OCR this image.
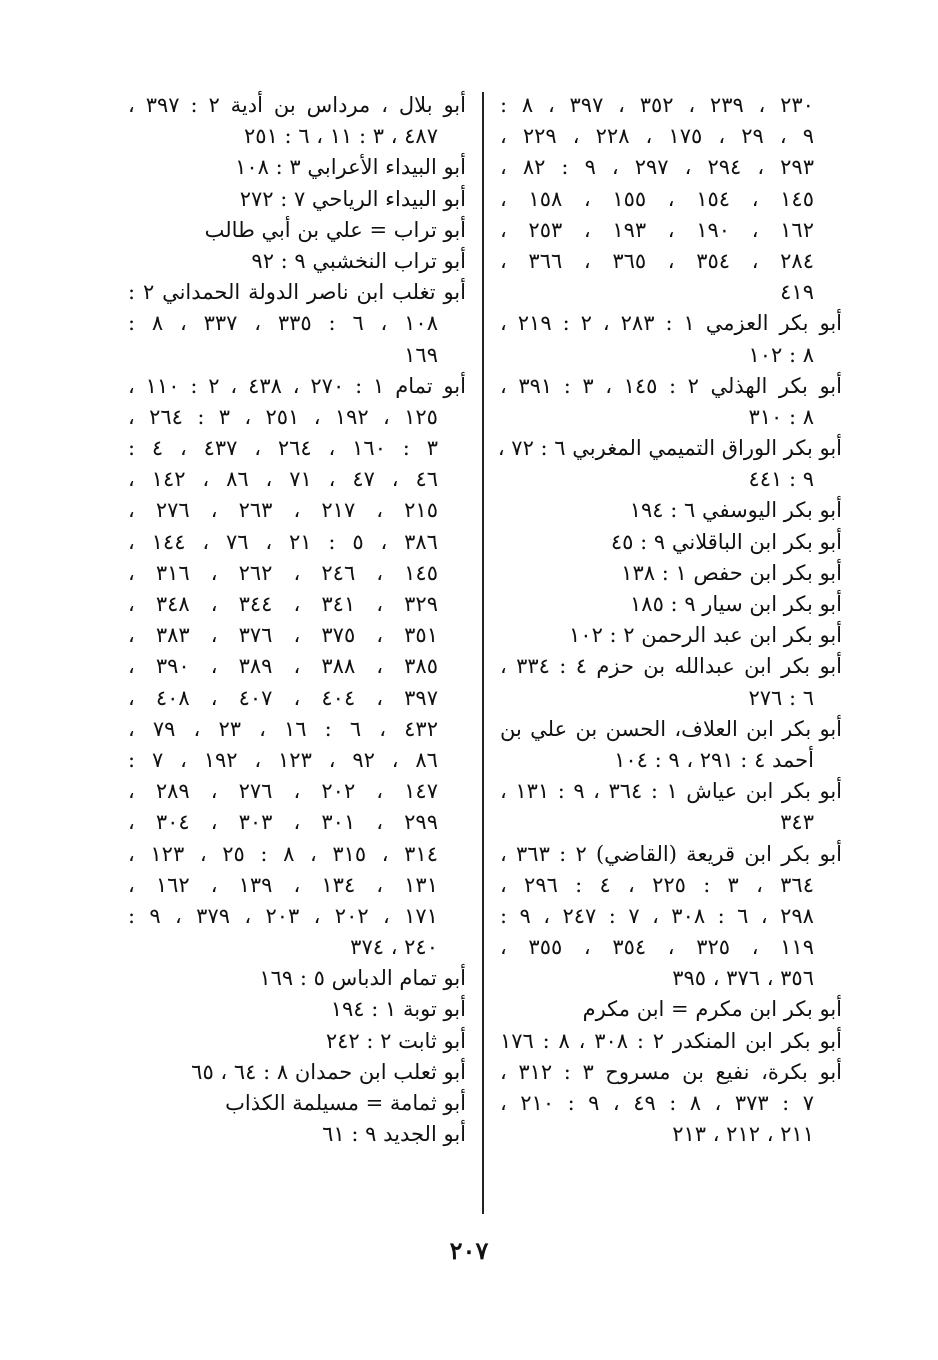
٢٣٠ ، ٢٣٩ ، ٣٥٢ ، ٣٩٧ ، ٨ :
٩ ، ٢٩ ، ١٧٥ ، ٢٢٨ ، ٢٢٩ ،
٢٩٣ ، ٢٩٤ ، ٢٩٧ ، ٩ : ٨٢ ،
١٤٥ ، ١٥٤ ، ١٥٥ ، ١٥٨ ،
١٦٢ ، ١٩٠ ، ١٩٣ ، ٢٥٣ ،
٢٨٤ ، ٣٥٤ ، ٣٦٥ ، ٣٦٦ ،
٤١٩
أبو بكر العزمي ١ : ٢٨٣ ، ٢ : ٢١٩ ،
٨ : ١٠٢
أبو بكر الهذلي ٢ : ١٤٥ ، ٣ : ٣٩١ ،
٨ : ٣١٠
أبو بكر الوراق التميمي المغربي ٦ : ٧٢ ،
٩ : ٤٤١
أبو بكر اليوسفي ٦ : ١٩٤
أبو بكر ابن الباقلاني ٩ : ٤٥
أبو بكر ابن حفص ١ : ١٣٨
أبو بكر ابن سيار ٩ : ١٨٥
أبو بكر ابن عبد الرحمن ٢ : ١٠٢
أبو بكر ابن عبدالله بن حزم ٤ : ٣٣٤ ،
٦ : ٢٧٦
أبو بكر ابن العلاف، الحسن بن علي بن
أحمد ٤ : ٢٩١ ، ٩ : ١٠٤
أبو بكر ابن عياش ١ : ٣٦٤ ، ٩ : ١٣١ ،
٣٤٣
أبو بكر ابن قريعة (القاضي) ٢ : ٣٦٣ ،
٣٦٤ ، ٣ : ٢٢٥ ، ٤ : ٢٩٦ ،
٢٩٨ ، ٦ : ٣٠٨ ، ٧ : ٢٤٧ ، ٩ :
١١٩ ، ٣٢٥ ، ٣٥٤ ، ٣٥٥ ،
٣٥٦ ، ٣٧٦ ، ٣٩٥
أبو بكر ابن مكرم = ابن مكرم
أبو بكر ابن المنكدر ٢ : ٣٠٨ ، ٨ : ١٧٦
أبو بكرة، نفيع بن مسروح ٣ : ٣١٢ ،
٧ : ٣٧٣ ، ٨ : ٤٩ ، ٩ : ٢١٠ ،
٢١١ ، ٢١٢ ، ٢١٣
أبو بلال ، مرداس بن أدية ٢ : ٣٩٧ ،
٤٨٧ ، ٣ : ١١ ، ٦ : ٢٥١
أبو البيداء الأعرابي ٣ : ١٠٨
أبو البيداء الرياحي ٧ : ٢٧٢
أبو تراب = علي بن أبي طالب
أبو تراب النخشبي ٩ : ٩٢
أبو تغلب ابن ناصر الدولة الحمداني ٢ :
١٠٨ ، ٦ : ٣٣٥ ، ٣٣٧ ، ٨ :
١٦٩
أبو تمام ١ : ٢٧٠ ، ٤٣٨ ، ٢ : ١١٠ ،
١٢٥ ، ١٩٢ ، ٢٥١ ، ٣ : ٢٦٤ ،
٣ : ١٦٠ ، ٢٦٤ ، ٤٣٧ ، ٤ :
٤٦ ، ٤٧ ، ٧١ ، ٨٦ ، ١٤٢ ،
٢١٥ ، ٢١٧ ، ٢٦٣ ، ٢٧٦ ،
٣٨٦ ، ٥ : ٢١ ، ٧٦ ، ١٤٤ ،
١٤٥ ، ٢٤٦ ، ٢٦٢ ، ٣١٦ ،
٣٢٩ ، ٣٤١ ، ٣٤٤ ، ٣٤٨ ،
٣٥١ ، ٣٧٥ ، ٣٧٦ ، ٣٨٣ ،
٣٨٥ ، ٣٨٨ ، ٣٨٩ ، ٣٩٠ ،
٣٩٧ ، ٤٠٤ ، ٤٠٧ ، ٤٠٨ ،
٤٣٢ ، ٦ : ١٦ ، ٢٣ ، ٧٩ ،
٨٦ ، ٩٢ ، ١٢٣ ، ١٩٢ ، ٧ :
١٤٧ ، ٢٠٢ ، ٢٧٦ ، ٢٨٩ ،
٢٩٩ ، ٣٠١ ، ٣٠٣ ، ٣٠٤ ،
٣١٤ ، ٣١٥ ، ٨ : ٢٥ ، ١٢٣ ،
١٣١ ، ١٣٤ ، ١٣٩ ، ١٦٢ ،
١٧١ ، ٢٠٢ ، ٢٠٣ ، ٣٧٩ ، ٩ :
٢٤٠ ، ٣٧٤
أبو تمام الدباس ٥ : ١٦٩
أبو توبة ١ : ١٩٤
أبو ثابت ٢ : ٢٤٢
أبو ثعلب ابن حمدان ٨ : ٦٤ ، ٦٥
أبو ثمامة = مسيلمة الكذاب
أبو الجديد ٩ : ٦١
٢٠٧
